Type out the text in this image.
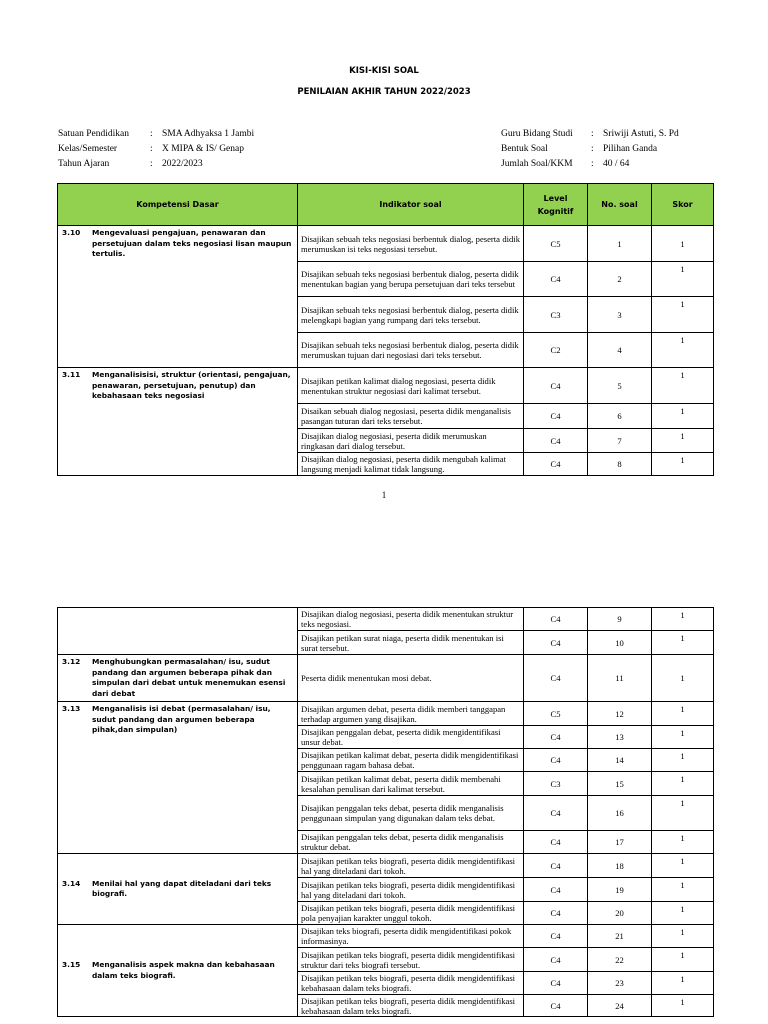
KISI-KISI SOAL
PENILAIAN AKHIR TAHUN 2022/2023
Satuan Pendidikan	: SMA Adhyaksa 1 Jambi
Kelas/Semester	: X MIPA & IS/ Genap
Tahun Ajaran	: 2022/2023
Guru Bidang Studi	: Sriwiji Astuti, S. Pd
Bentuk Soal	: Pilihan Ganda
Jumlah Soal/KKM	: 40 / 64
Kompetensi Dasar	Indikator soal	Level Kognitif	No. soal	Skor

3.10 Mengevaluasi pengajuan, penawaran dan persetujuan dalam teks negosiasi lisan maupun tertulis.	Disajikan sebuah teks negosiasi berbentuk dialog, peserta didik merumuskan isi teks negosiasi tersebut.	C5	1	1
	Disajikan sebuah teks negosiasi berbentuk dialog, peserta didik menentukan bagian yang berupa persetujuan dari teks tersebut	C4	2	1
	Disajikan sebuah teks negosiasi berbentuk dialog, peserta didik melengkapi bagian yang rumpang dari teks tersebut.	C3	3	1
	Disajikan sebuah teks negosiasi berbentuk dialog, peserta didik merumuskan tujuan dari negosiasi dari teks tersebut.	C2	4	1

3.11 Menganalisisisi, struktur (orientasi, pengajuan, penawaran, persetujuan, penutup) dan kebahasaan teks negosiasi	Disajikan petikan kalimat dialog negosiasi, peserta didik menentukan struktur negosiasi dari kalimat tersebut.	C4	5	1
	Disaikan sebuah dialog negosiasi, peserta didik menganalisis pasangan tuturan dari teks tersebut.	C4	6	1
	Disajikan dialog negosiasi, peserta didik merumuskan ringkasan dari dialog tersebut.	C4	7	1
	Disajikan dialog negosiasi, peserta didik mengubah kalimat langsung menjadi kalimat tidak langsung.	C4	8	1
1
	Disajikan dialog negosiasi, peserta didik menentukan struktur teks negosiasi.	C4	9	1
	Disajikan petikan surat niaga, peserta didik menentukan isi surat tersebut.	C4	10	1

3.12 Menghubungkan permasalahan/ isu, sudut pandang dan argumen beberapa pihak dan simpulan dari debat untuk menemukan esensi dari debat	Peserta didik menentukan mosi debat.	C4	11	1

3.13 Menganalisis isi debat (permasalahan/ isu, sudut pandang dan argumen beberapa pihak,dan simpulan)	Disajikan argumen debat, peserta didik memberi tanggapan terhadap argumen yang disajikan.	C5	12	1
	Disajikan penggalan debat, peserta didik mengidentifikasi unsur debat.	C4	13	1
	Disajikan petikan kalimat debat, peserta didik mengidentifikasi penggunaan ragam bahasa debat.	C4	14	1
	Disajikan petikan kalimat debat, peserta didik membenahi kesalahan penulisan dari kalimat tersebut.	C3	15	1
	Disajikan penggalan teks debat, peserta didik menganalisis penggunaan simpulan yang digunakan dalam teks debat.	C4	16	1
	Disajikan penggalan teks debat, peserta didik menganalisis struktur debat.	C4	17	1

3.14 Menilai hal yang dapat diteladani dari teks biografi.	Disajikan petikan teks biografi, peserta didik mengidentifikasi hal yang diteladani dari tokoh.	C4	18	1
	Disajikan petikan teks biografi, peserta didik mengidentifikasi hal yang diteladani dari tokoh.	C4	19	1
	Disajikan petikan teks biografi, peserta didik mengidentifikasi pola penyajian karakter unggul tokoh.	C4	20	1

3.15 Menganalisis aspek makna dan kebahasaan dalam teks biografi.	Disajikan teks biografi, peserta didik mengidentifikasi pokok informasinya.	C4	21	1
	Disajikan petikan teks biografi, peserta didik mengidentifikasi struktur dari teks biografi tersebut.	C4	22	1
	Disajikan petikan teks biografi, peserta didik mengidentifikasi kebahasaan dalam teks biografi.	C4	23	1
	Disajikan petikan teks biografi, peserta didik mengidentifikasi kebahasaan dalam teks biografi.	C4	24	1
